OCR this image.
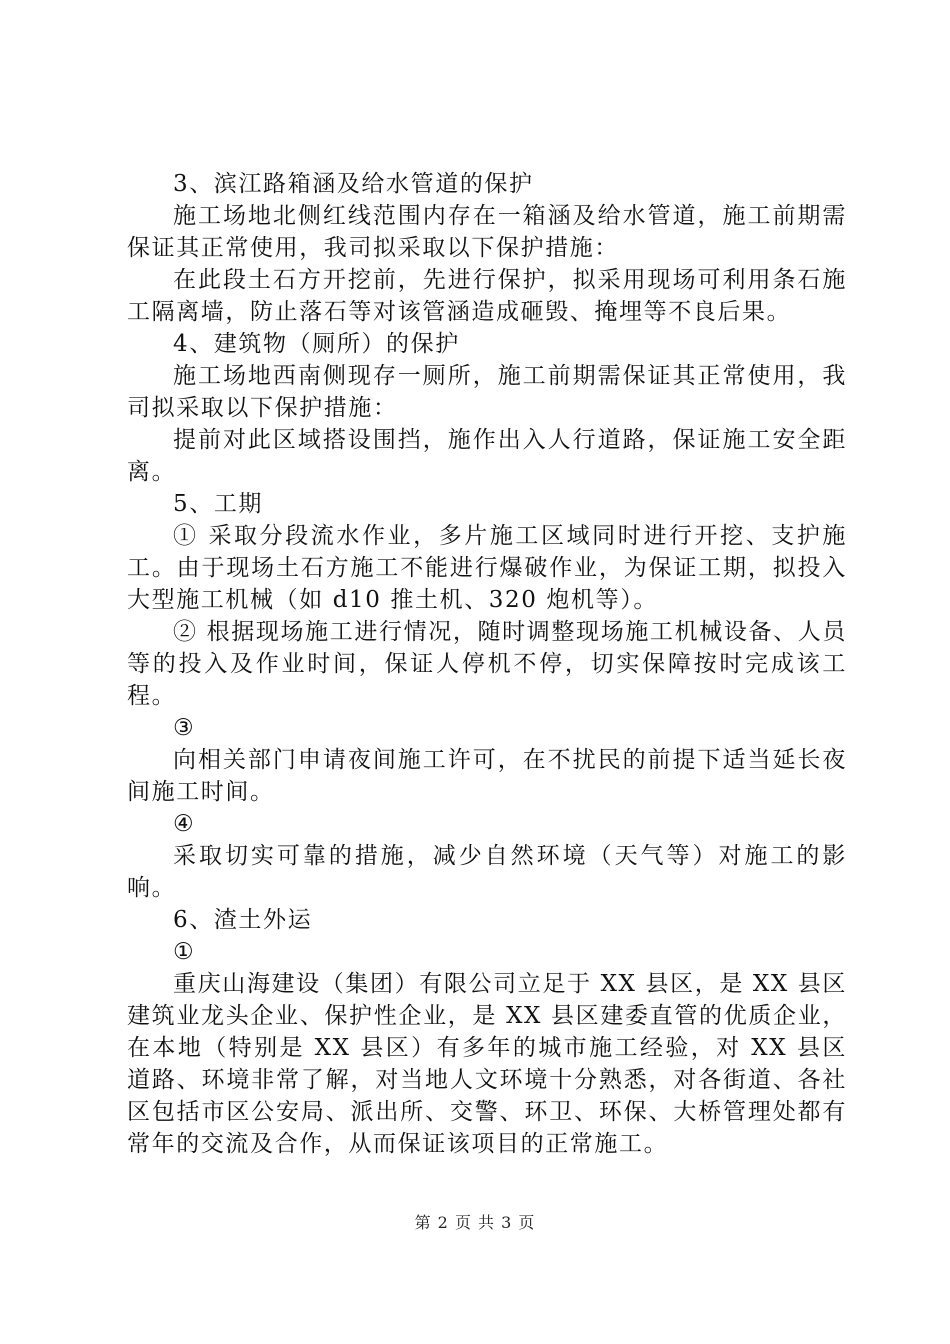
3、滨江路箱涵及给水管道的保护

施工场地北侧红线范围内存在一箱涵及给水管道，施工前期需保证其正常使用，我司拟采取以下保护措施：

在此段土石方开挖前，先进行保护，拟采用现场可利用条石施工隔离墙，防止落石等对该管涵造成砸毁、掩埋等不良后果。

4、建筑物（厕所）的保护

施工场地西南侧现存一厕所，施工前期需保证其正常使用，我司拟采取以下保护措施：

提前对此区域搭设围挡，施作出入人行道路，保证施工安全距离。

5、工期

① 采取分段流水作业，多片施工区域同时进行开挖、支护施工。由于现场土石方施工不能进行爆破作业，为保证工期，拟投入大型施工机械（如 d10 推土机、320 炮机等）。

② 根据现场施工进行情况，随时调整现场施工机械设备、人员等的投入及作业时间，保证人停机不停，切实保障按时完成该工程。

③

向相关部门申请夜间施工许可，在不扰民的前提下适当延长夜间施工时间。

④

采取切实可靠的措施，减少自然环境（天气等）对施工的影响。

6、渣土外运

①

重庆山海建设（集团）有限公司立足于 XX 县区，是 XX 县区建筑业龙头企业、保护性企业，是 XX 县区建委直管的优质企业，在本地（特别是 XX 县区）有多年的城市施工经验，对 XX 县区道路、环境非常了解，对当地人文环境十分熟悉，对各街道、各社区包括市区公安局、派出所、交警、环卫、环保、大桥管理处都有常年的交流及合作，从而保证该项目的正常施工。

第 2 页 共 3 页
